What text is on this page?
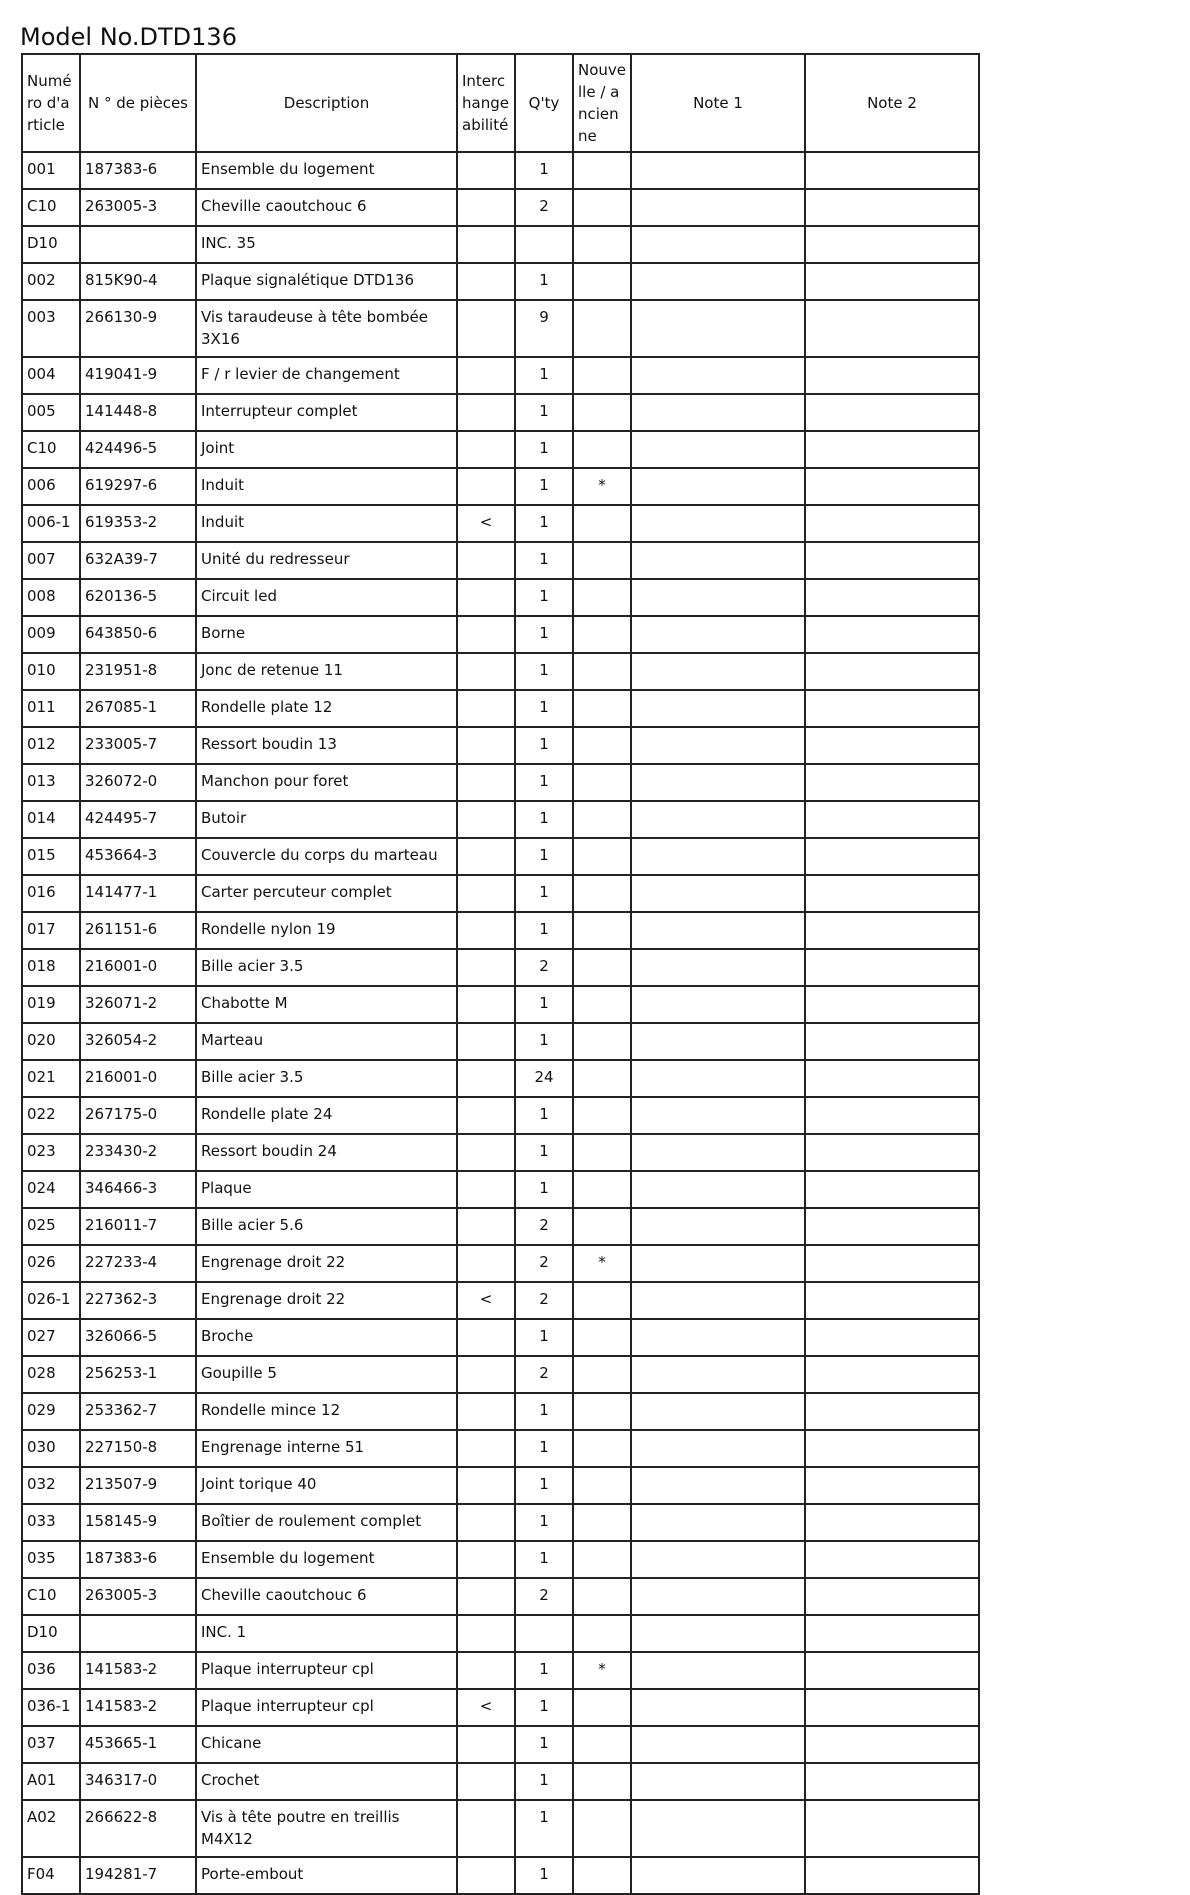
Model No.DTD136
Numéro d'article	N ° de pièces	Description	Interchangeabilité	Q'ty	Nouvelle / ancienne	Note 1	Note 2
001	187383-6	Ensemble du logement		1			
C10	263005-3	Cheville caoutchouc 6		2			
D10		INC. 35					
002	815K90-4	Plaque signalétique DTD136		1			
003	266130-9	Vis taraudeuse à tête bombée 3X16		9			
004	419041-9	F / r levier de changement		1			
005	141448-8	Interrupteur complet		1			
C10	424496-5	Joint		1			
006	619297-6	Induit		1	*		
006-1	619353-2	Induit	<	1			
007	632A39-7	Unité du redresseur		1			
008	620136-5	Circuit led		1			
009	643850-6	Borne		1			
010	231951-8	Jonc de retenue 11		1			
011	267085-1	Rondelle plate 12		1			
012	233005-7	Ressort boudin 13		1			
013	326072-0	Manchon pour foret		1			
014	424495-7	Butoir		1			
015	453664-3	Couvercle du corps du marteau		1			
016	141477-1	Carter percuteur complet		1			
017	261151-6	Rondelle nylon 19		1			
018	216001-0	Bille acier 3.5		2			
019	326071-2	Chabotte M		1			
020	326054-2	Marteau		1			
021	216001-0	Bille acier 3.5		24			
022	267175-0	Rondelle plate 24		1			
023	233430-2	Ressort boudin 24		1			
024	346466-3	Plaque		1			
025	216011-7	Bille acier 5.6		2			
026	227233-4	Engrenage droit 22		2	*		
026-1	227362-3	Engrenage droit 22	<	2			
027	326066-5	Broche		1			
028	256253-1	Goupille 5		2			
029	253362-7	Rondelle mince 12		1			
030	227150-8	Engrenage interne 51		1			
032	213507-9	Joint torique 40		1			
033	158145-9	Boîtier de roulement complet		1			
035	187383-6	Ensemble du logement		1			
C10	263005-3	Cheville caoutchouc 6		2			
D10		INC. 1					
036	141583-2	Plaque interrupteur cpl		1	*		
036-1	141583-2	Plaque interrupteur cpl	<	1			
037	453665-1	Chicane		1			
A01	346317-0	Crochet		1			
A02	266622-8	Vis à tête poutre en treillis M4X12		1			
F04	194281-7	Porte-embout		1			
